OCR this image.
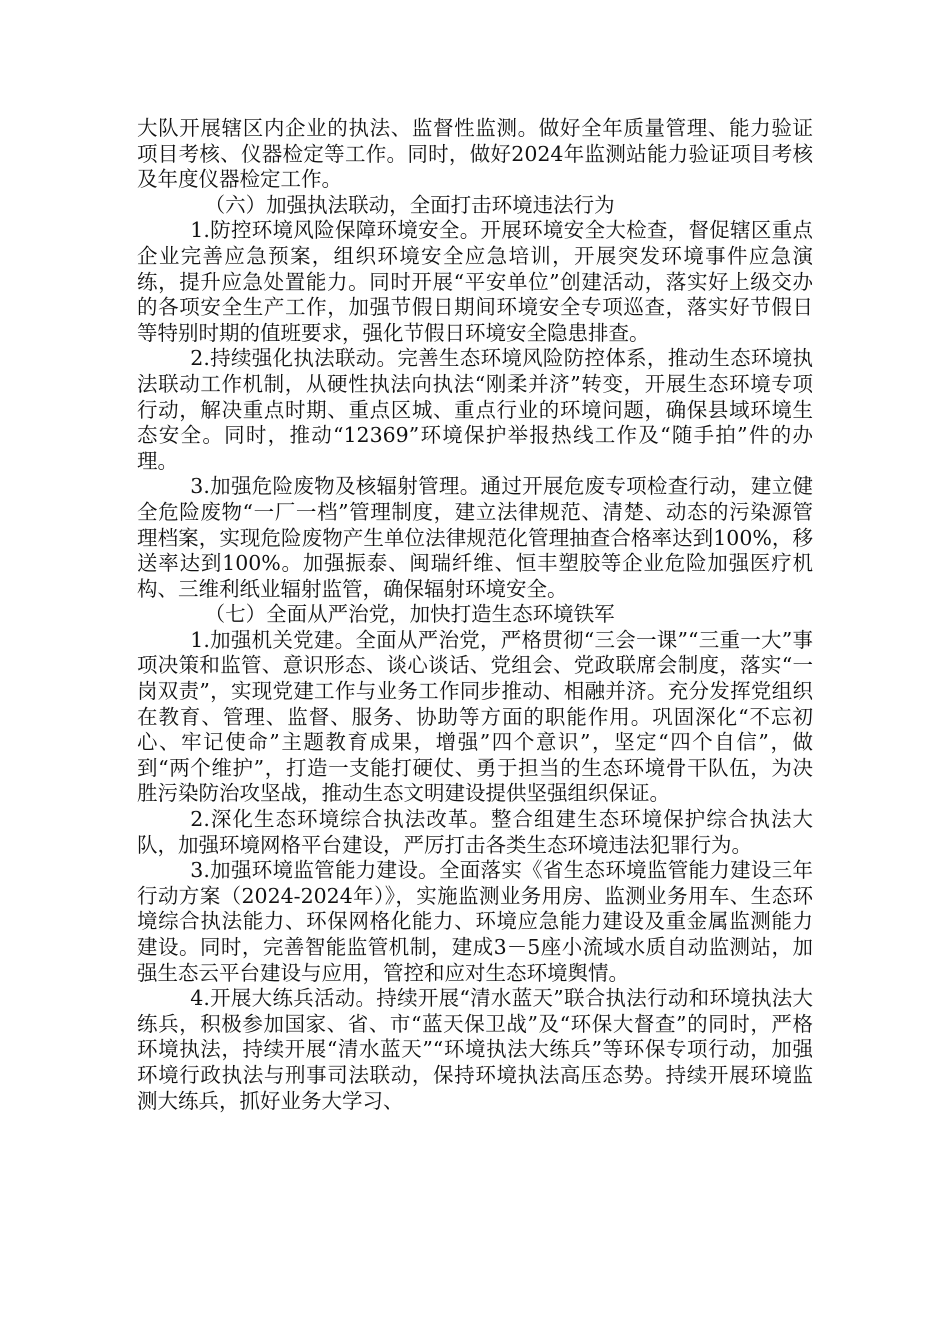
大队开展辖区内企业的执法、监督性监测。做好全年质量管理、能力验证项目考核、仪器检定等工作。同时，做好2024年监测站能力验证项目考核及年度仪器检定工作。

（六）加强执法联动，全面打击环境违法行为

1.防控环境风险保障环境安全。开展环境安全大检查，督促辖区重点企业完善应急预案，组织环境安全应急培训，开展突发环境事件应急演练，提升应急处置能力。同时开展“平安单位”创建活动，落实好上级交办的各项安全生产工作，加强节假日期间环境安全专项巡查，落实好节假日等特别时期的值班要求，强化节假日环境安全隐患排查。

2.持续强化执法联动。完善生态环境风险防控体系，推动生态环境执法联动工作机制，从硬性执法向执法“刚柔并济”转变，开展生态环境专项行动，解决重点时期、重点区城、重点行业的环境问题，确保县域环境生态安全。同时，推动“12369”环境保护举报热线工作及“随手拍”件的办理。

3.加强危险废物及核辐射管理。通过开展危废专项检查行动，建立健全危险废物“一厂一档”管理制度，建立法律规范、清楚、动态的污染源管理档案，实现危险废物产生单位法律规范化管理抽查合格率达到100%，移送率达到100%。加强振泰、闽瑞纤维、恒丰塑胶等企业危险加强医疗机构、三维利纸业辐射监管，确保辐射环境安全。

（七）全面从严治党，加快打造生态环境铁军

1.加强机关党建。全面从严治党，严格贯彻“三会一课”“三重一大”事项决策和监管、意识形态、谈心谈话、党组会、党政联席会制度，落实“一岗双责”，实现党建工作与业务工作同步推动、相融并济。充分发挥党组织在教育、管理、监督、服务、协助等方面的职能作用。巩固深化“不忘初心、牢记使命”主题教育成果，增强”四个意识”，坚定“四个自信”，做到“两个维护”，打造一支能打硬仗、勇于担当的生态环境骨干队伍，为决胜污染防治攻坚战，推动生态文明建设提供坚强组织保证。

2.深化生态环境综合执法改革。整合组建生态环境保护综合执法大队，加强环境网格平台建设，严厉打击各类生态环境违法犯罪行为。

3.加强环境监管能力建设。全面落实《省生态环境监管能力建设三年行动方案（2024-2024年）》，实施监测业务用房、监测业务用车、生态环境综合执法能力、环保网格化能力、环境应急能力建设及重金属监测能力建设。同时，完善智能监管机制，建成3－5座小流域水质自动监测站，加强生态云平台建设与应用，管控和应对生态环境舆情。

4.开展大练兵活动。持续开展“清水蓝天”联合执法行动和环境执法大练兵，积极参加国家、省、市“蓝天保卫战”及“环保大督查”的同时，严格环境执法，持续开展“清水蓝天”“环境执法大练兵”等环保专项行动，加强环境行政执法与刑事司法联动，保持环境执法高压态势。持续开展环境监测大练兵，抓好业务大学习、
